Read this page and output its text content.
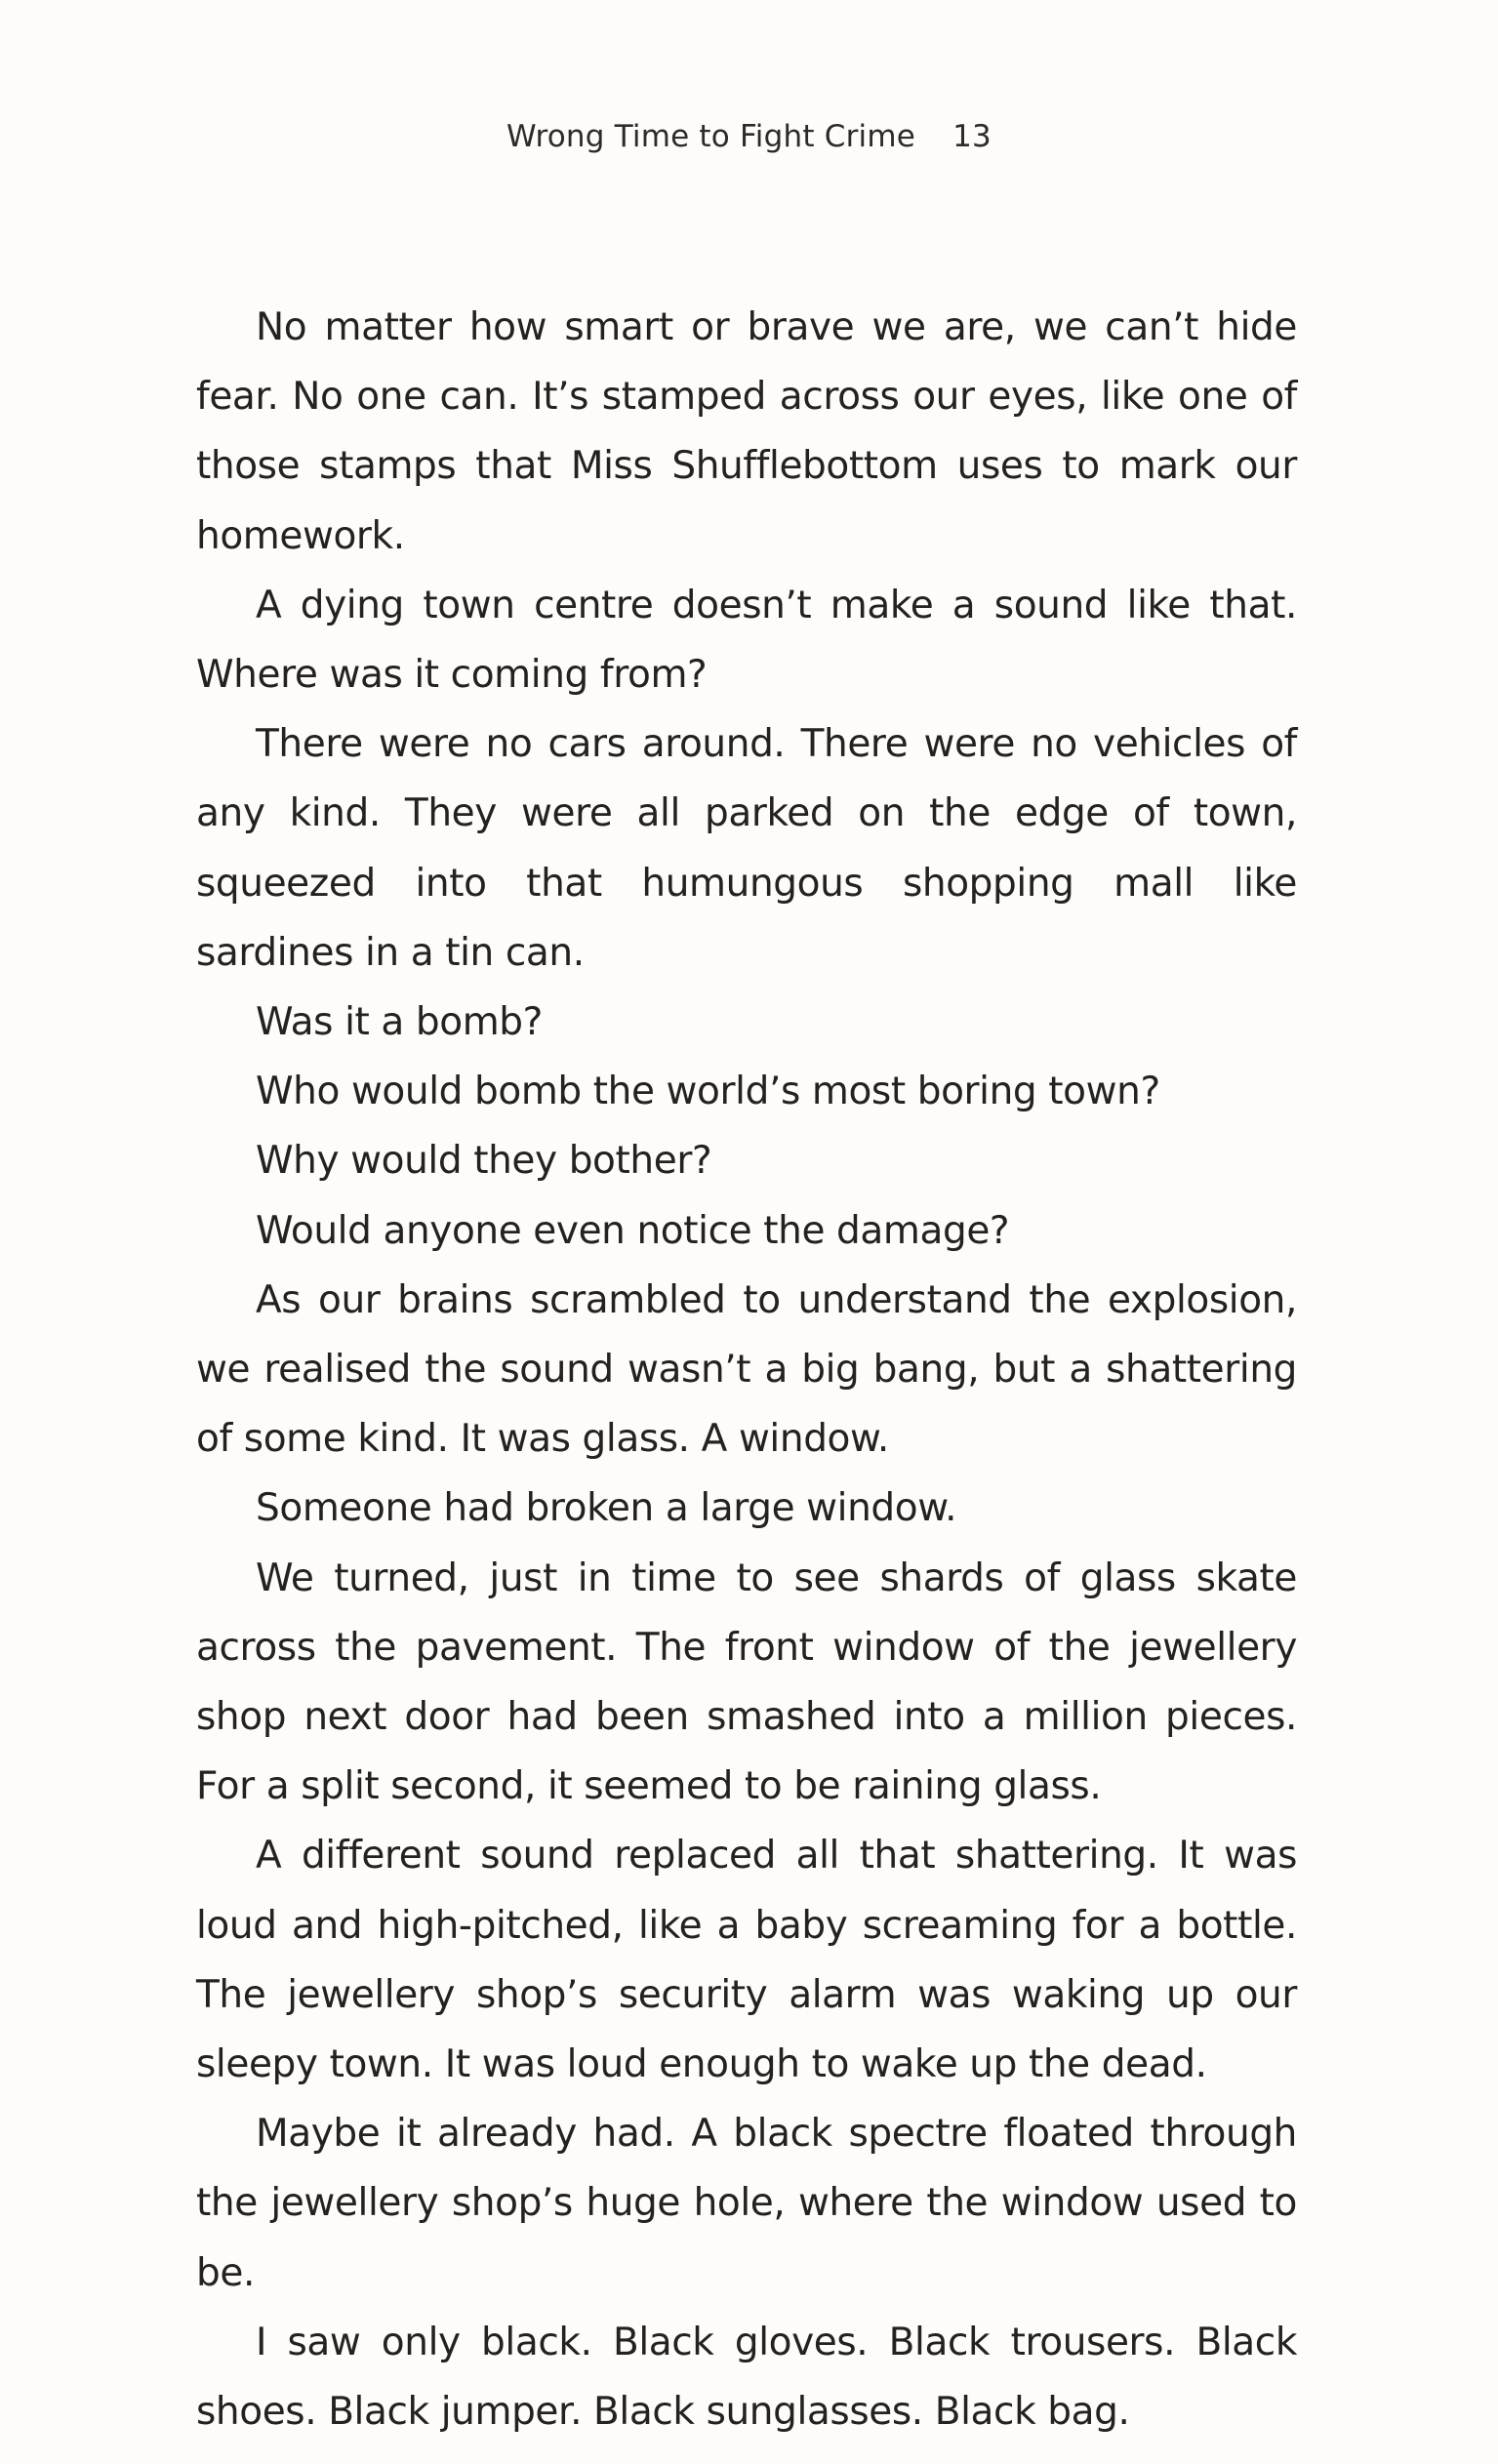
Wrong Time to Fight Crime 13

No matter how smart or brave we are, we can’t hide fear. No one can. It’s stamped across our eyes, like one of those stamps that Miss Shufflebottom uses to mark our homework.

A dying town centre doesn’t make a sound like that. Where was it coming from?

There were no cars around. There were no vehicles of any kind. They were all parked on the edge of town, squeezed into that humungous shopping mall like sardines in a tin can.

Was it a bomb?

Who would bomb the world’s most boring town?

Why would they bother?

Would anyone even notice the damage?

As our brains scrambled to understand the explosion, we realised the sound wasn’t a big bang, but a shattering of some kind. It was glass. A window.

Someone had broken a large window.

We turned, just in time to see shards of glass skate across the pavement. The front window of the jewellery shop next door had been smashed into a million pieces. For a split second, it seemed to be raining glass.

A different sound replaced all that shattering. It was loud and high-pitched, like a baby screaming for a bottle. The jewellery shop’s security alarm was waking up our sleepy town. It was loud enough to wake up the dead.

Maybe it already had. A black spectre floated through the jewellery shop’s huge hole, where the window used to be.

I saw only black. Black gloves. Black trousers. Black shoes. Black jumper. Black sunglasses. Black bag.
